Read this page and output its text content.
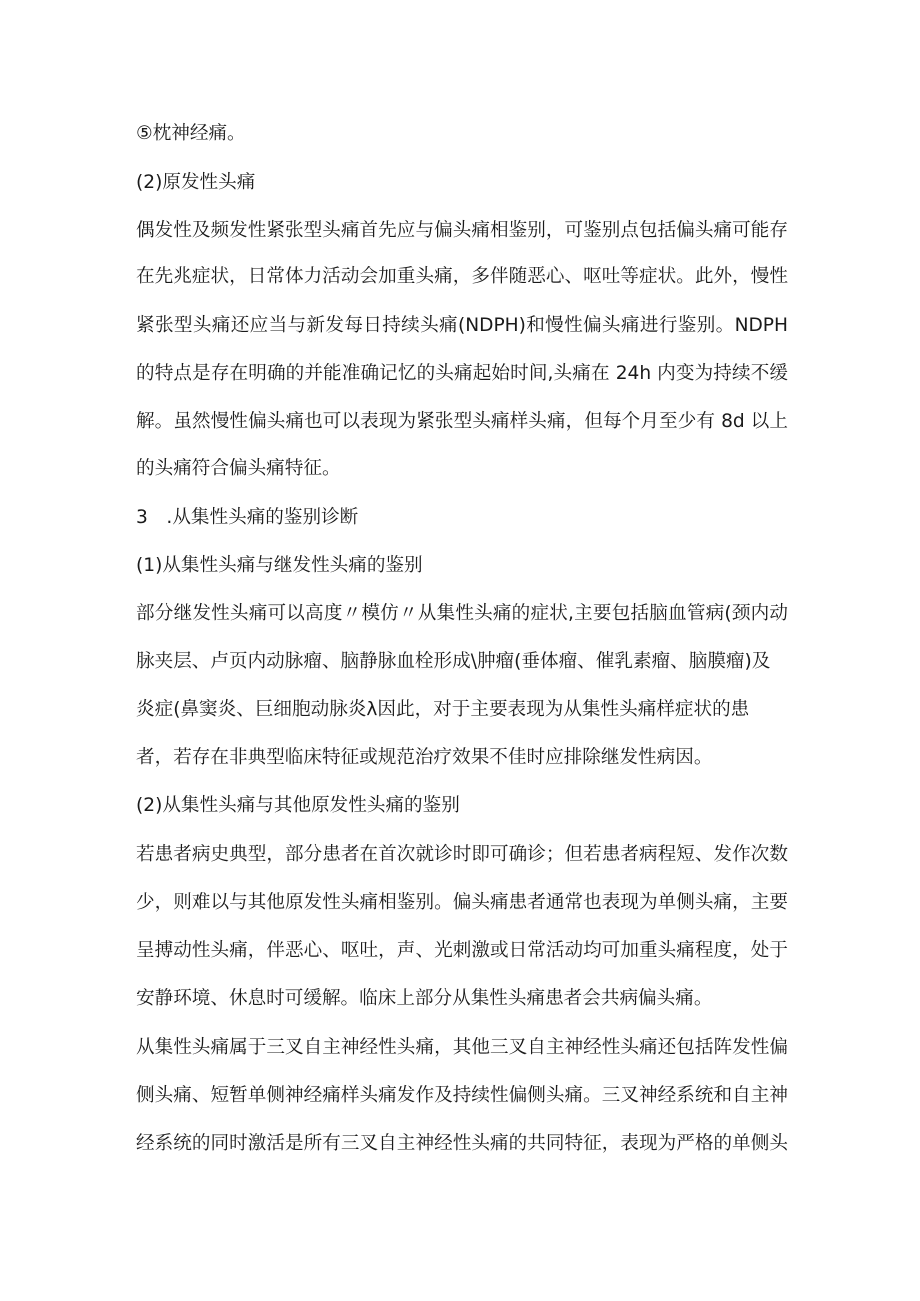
⑤枕神经痛。
(2)原发性头痛
偶发性及频发性紧张型头痛首先应与偏头痛相鉴别，可鉴别点包括偏头痛可能存
在先兆症状，日常体力活动会加重头痛，多伴随恶心、呕吐等症状。此外，慢性
紧张型头痛还应当与新发每日持续头痛(NDPH)和慢性偏头痛进行鉴别。NDPH
的特点是存在明确的并能准确记忆的头痛起始时间,头痛在 24h 内变为持续不缓
解。虽然慢性偏头痛也可以表现为紧张型头痛样头痛，但每个月至少有 8d 以上
的头痛符合偏头痛特征。
3　.从集性头痛的鉴别诊断
(1)从集性头痛与继发性头痛的鉴别
部分继发性头痛可以高度〃模仿〃从集性头痛的症状,主要包括脑血管病(颈内动
脉夹层、卢页内动脉瘤、脑静脉血栓形成\肿瘤(垂体瘤、催乳素瘤、脑膜瘤)及
炎症(鼻窦炎、巨细胞动脉炎λ因此，对于主要表现为从集性头痛样症状的患
者，若存在非典型临床特征或规范治疗效果不佳时应排除继发性病因。
(2)从集性头痛与其他原发性头痛的鉴别
若患者病史典型，部分患者在首次就诊时即可确诊；但若患者病程短、发作次数
少，则难以与其他原发性头痛相鉴别。偏头痛患者通常也表现为单侧头痛，主要
呈搏动性头痛，伴恶心、呕吐，声、光刺激或日常活动均可加重头痛程度，处于
安静环境、休息时可缓解。临床上部分从集性头痛患者会共病偏头痛。
从集性头痛属于三叉自主神经性头痛，其他三叉自主神经性头痛还包括阵发性偏
侧头痛、短暂单侧神经痛样头痛发作及持续性偏侧头痛。三叉神经系统和自主神
经系统的同时激活是所有三叉自主神经性头痛的共同特征，表现为严格的单侧头
